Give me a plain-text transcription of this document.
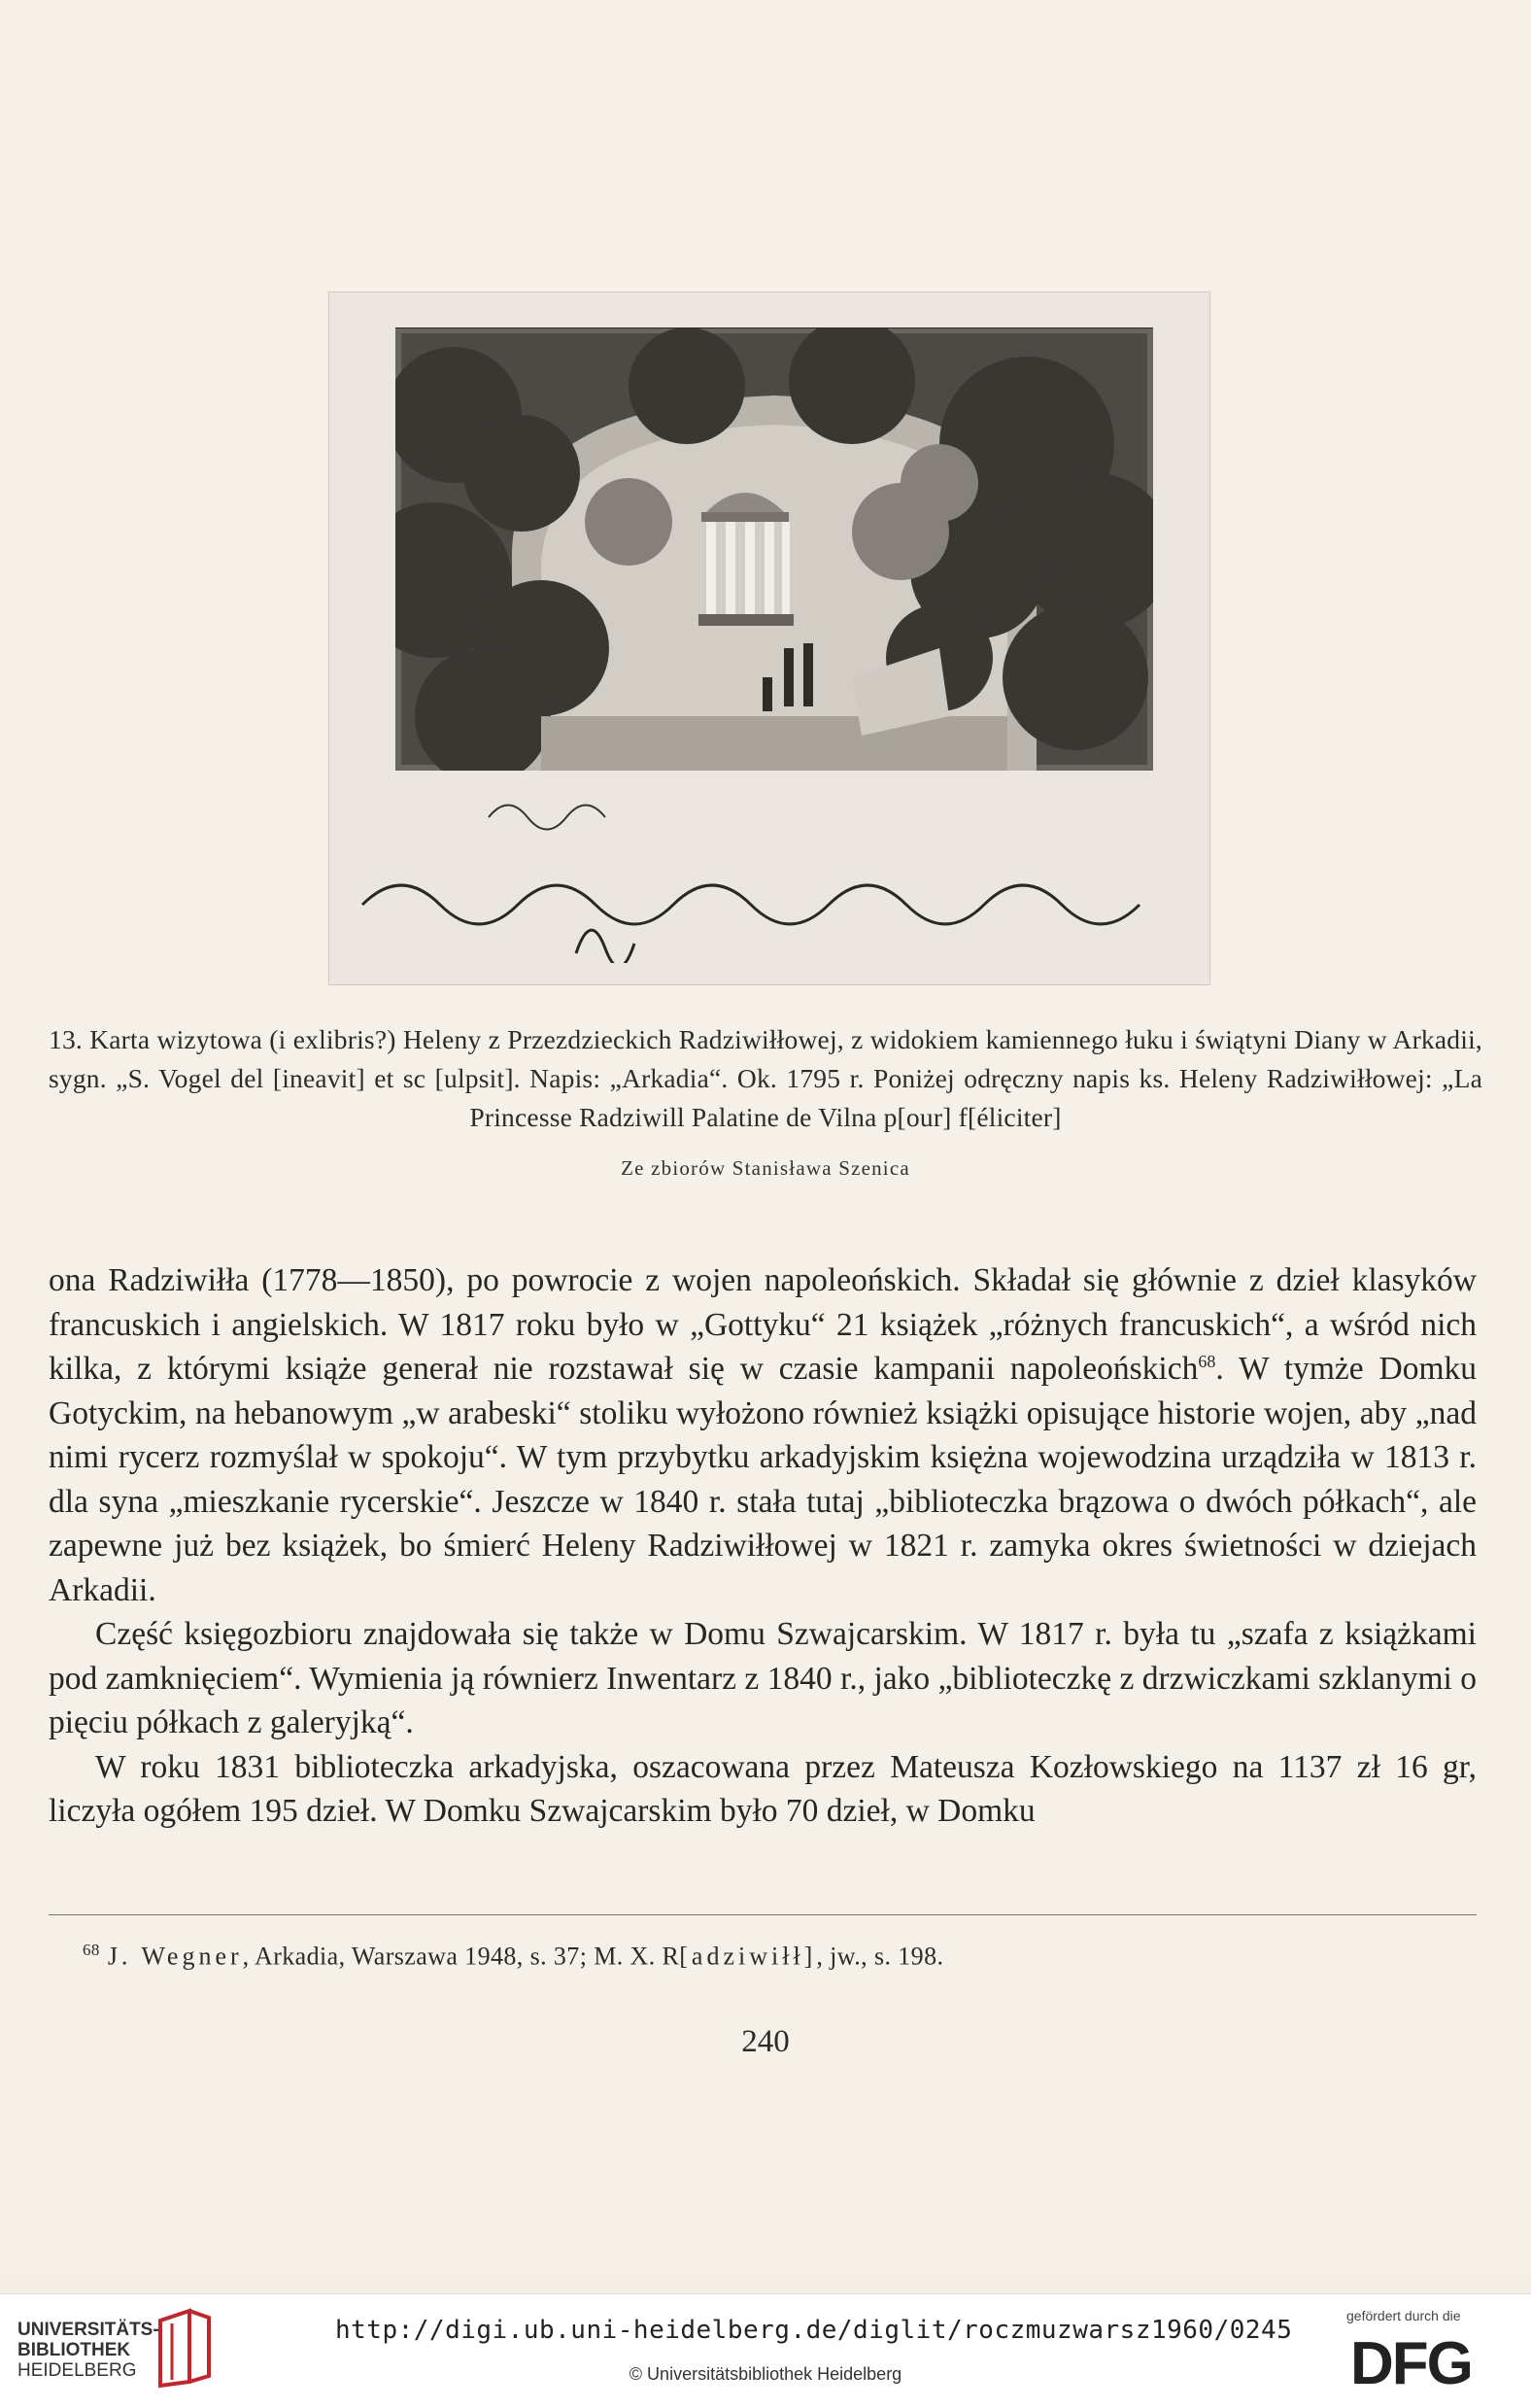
13. Karta wizytowa (i exlibris?) Heleny z Przezdzieckich Radziwiłłowej, z widokiem kamiennego łuku i świątyni Diany w Arkadii, sygn. „S. Vogel del [ineavit] et sc [ulpsit]. Napis: „Arkadia“. Ok. 1795 r. Poniżej odręczny napis ks. Heleny Radziwiłłowej: „La Princesse Radziwill Palatine de Vilna p[our] f[éliciter]
Ze zbiorów Stanisława Szenica

ona Radziwiłła (1778—1850), po powrocie z wojen napoleońskich. Składał się głównie z dzieł klasyków francuskich i angielskich. W 1817 roku było w „Gottyku“ 21 książek „różnych francuskich“, a wśród nich kilka, z którymi książe generał nie rozstawał się w czasie kampanii napoleońskich$^{68}$. W tymże Domku Gotyckim, na hebanowym „w arabeski“ stoliku wyłożono również książki opisujące historie wojen, aby „nad nimi rycerz rozmyślał w spokoju“. W tym przybytku arkadyjskim księżna wojewodzina urządziła w 1813 r. dla syna „mieszkanie rycerskie“. Jeszcze w 1840 r. stała tutaj „biblioteczka brązowa o dwóch półkach“, ale zapewne już bez książek, bo śmierć Heleny Radziwiłłowej w 1821 r. zamyka okres świetności w dziejach Arkadii.

Część księgozbioru znajdowała się także w Domu Szwajcarskim. W 1817 r. była tu „szafa z książkami pod zamknięciem“. Wymienia ją równierz Inwentarz z 1840 r., jako „biblioteczkę z drzwiczkami szklanymi o pięciu półkach z galeryjką“.

W roku 1831 biblioteczka arkadyjska, oszacowana przez Mateusza Kozłowskiego na 1137 zł 16 gr, liczyła ogółem 195 dzieł. W Domku Szwajcarskim było 70 dzieł, w Domku

$^{68}$ J. Wegner, Arkadia, Warszawa 1948, s. 37; M. X. R[adziwiłł], jw., s. 198.
240
UNIVERSITÄTS-
BIBLIOTHEK
HEIDELBERG
http://digi.ub.uni-heidelberg.de/diglit/roczmuzwarsz1960/0245
© Universitätsbibliothek Heidelberg
gefördert durch die
DFG
